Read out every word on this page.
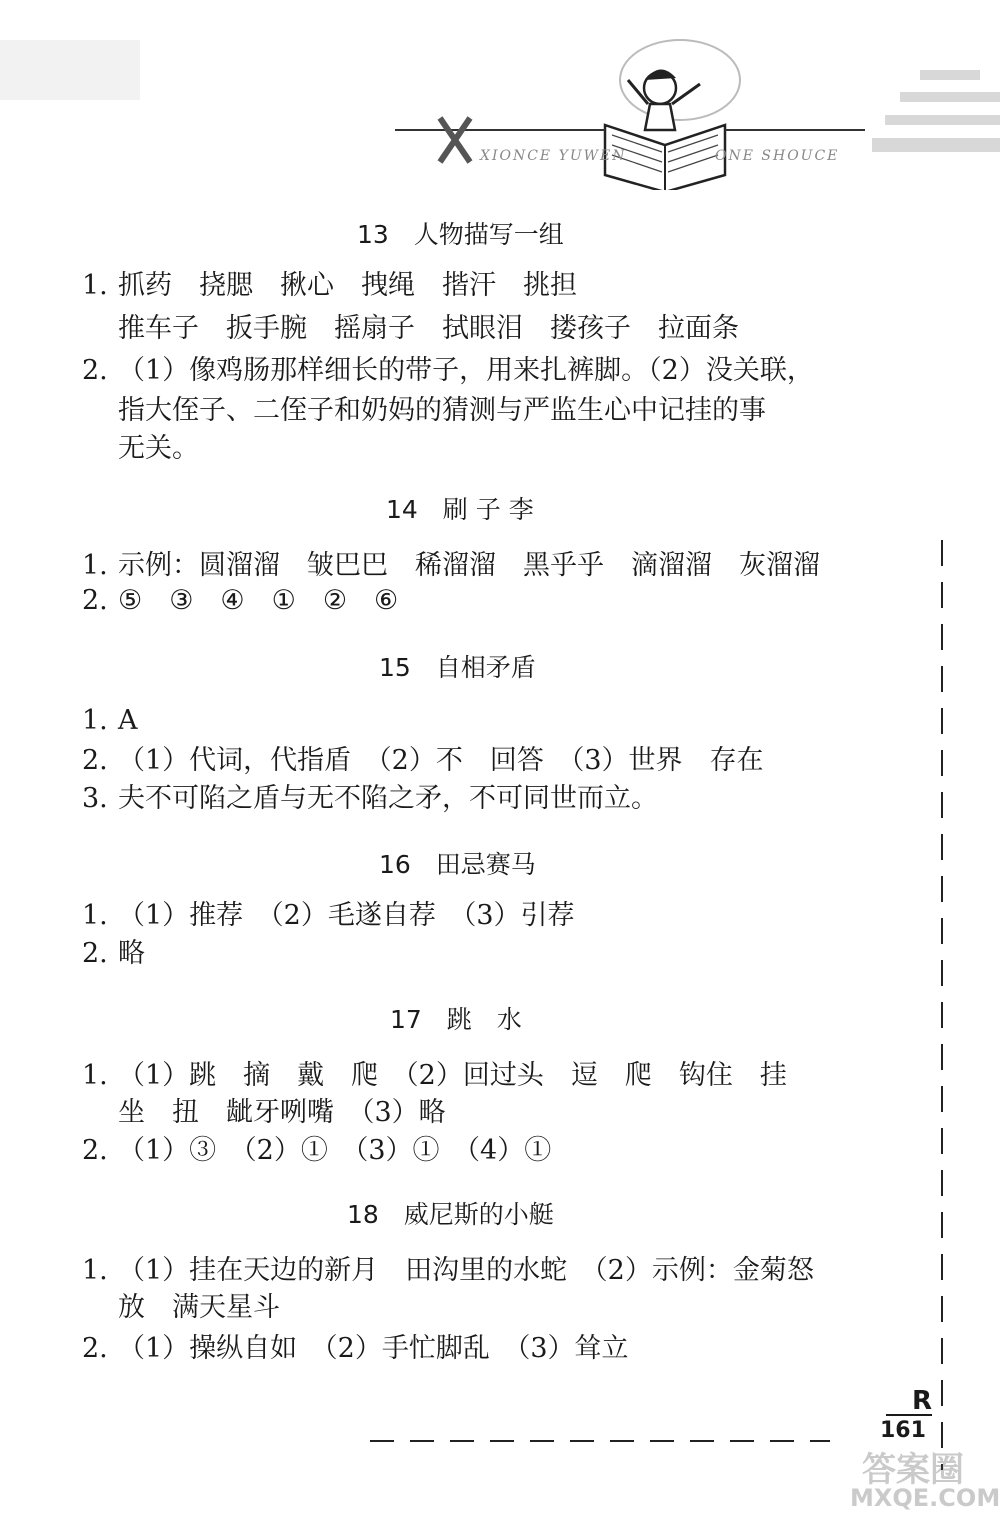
XIONCE YUWEN	ONE SHOUCE
13　人物描写一组
1. 抓药　挠腮　揪心　拽绳　揩汗　挑担
推车子　扳手腕　摇扇子　拭眼泪　搂孩子　拉面条
2. （1）像鸡肠那样细长的带子，用来扎裤脚。（2）没关联，
指大侄子、二侄子和奶妈的猜测与严监生心中记挂的事
无关。
14　刷 子 李
1. 示例：圆溜溜　皱巴巴　稀溜溜　黑乎乎　滴溜溜　灰溜溜
2. ⑤　③　④　①　②　⑥
15　自相矛盾
1. A
2. （1）代词，代指盾　（2）不　回答　（3）世界　存在
3. 夫不可陷之盾与无不陷之矛，不可同世而立。
16　田忌赛马
1. （1）推荐　（2）毛遂自荐　（3）引荐
2. 略
17　跳　水
1. （1）跳　摘　戴　爬　（2）回过头　逗　爬　钩住　挂
坐　扭　龇牙咧嘴　（3）略
2. （1）③　（2）①　（3）①　（4）①
18　威尼斯的小艇
1. （1）挂在天边的新月　田沟里的水蛇　（2）示例：金菊怒
放　满天星斗
2. （1）操纵自如　（2）手忙脚乱　（3）耸立
R
161
答案圈
MXQE.COM
